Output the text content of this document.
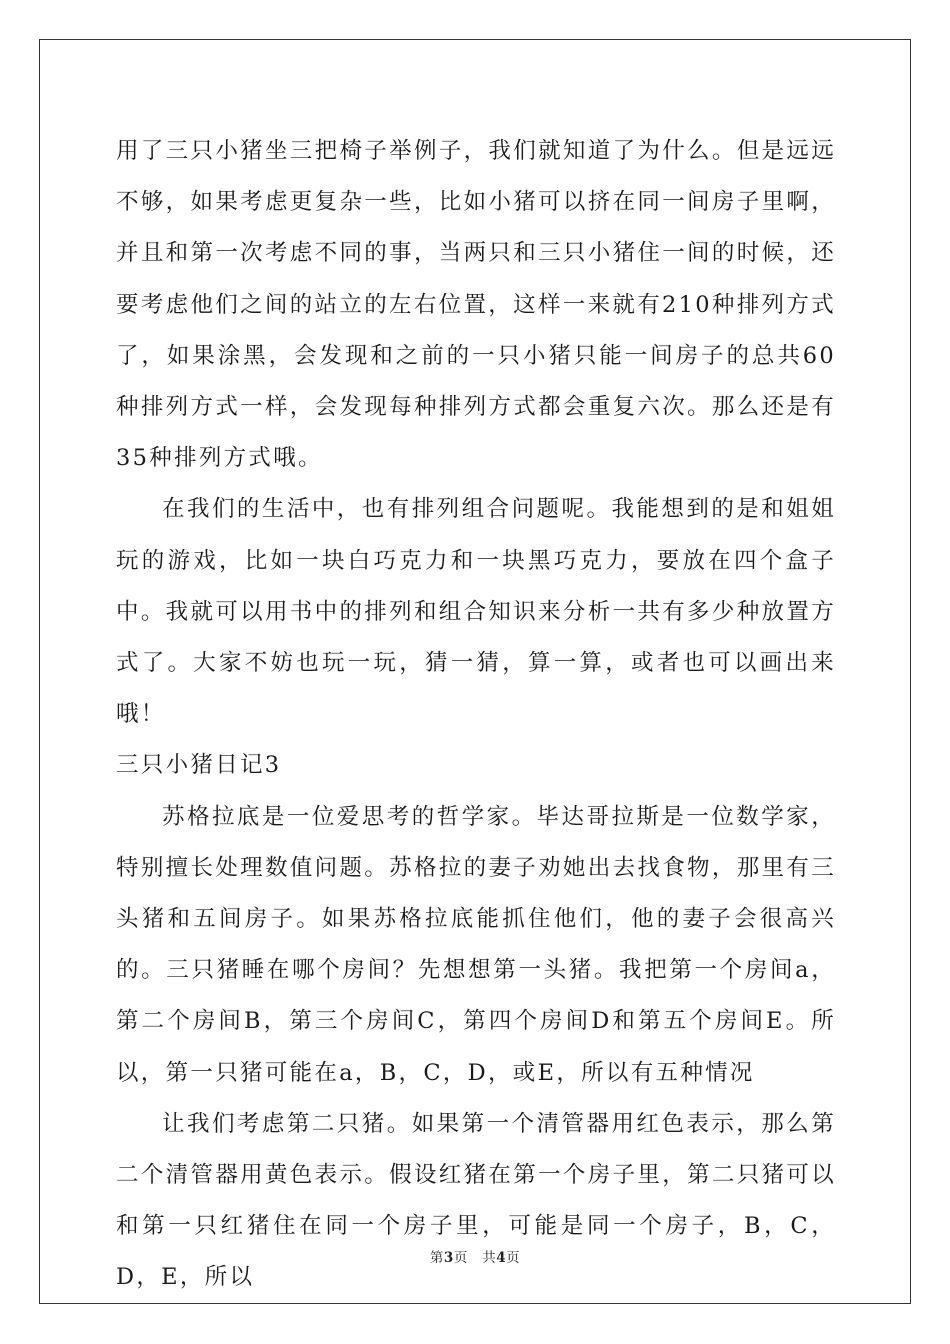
用了三只小猪坐三把椅子举例子，我们就知道了为什么。但是远远不够，如果考虑更复杂一些，比如小猪可以挤在同一间房子里啊，并且和第一次考虑不同的事，当两只和三只小猪住一间的时候，还要考虑他们之间的站立的左右位置，这样一来就有210种排列方式了，如果涂黑，会发现和之前的一只小猪只能一间房子的总共60种排列方式一样，会发现每种排列方式都会重复六次。那么还是有35种排列方式哦。

在我们的生活中，也有排列组合问题呢。我能想到的是和姐姐玩的游戏，比如一块白巧克力和一块黑巧克力，要放在四个盒子中。我就可以用书中的排列和组合知识来分析一共有多少种放置方式了。大家不妨也玩一玩，猜一猜，算一算，或者也可以画出来哦！

三只小猪日记3

苏格拉底是一位爱思考的哲学家。毕达哥拉斯是一位数学家，特别擅长处理数值问题。苏格拉的妻子劝她出去找食物，那里有三头猪和五间房子。如果苏格拉底能抓住他们，他的妻子会很高兴的。三只猪睡在哪个房间？先想想第一头猪。我把第一个房间a，第二个房间B，第三个房间C，第四个房间D和第五个房间E。所以，第一只猪可能在a，B，C，D，或E，所以有五种情况

让我们考虑第二只猪。如果第一个清管器用红色表示，那么第二个清管器用黄色表示。假设红猪在第一个房子里，第二只猪可以和第一只红猪住在同一个房子里，可能是同一个房子，B，C，D，E，所以

第3页 共4页
